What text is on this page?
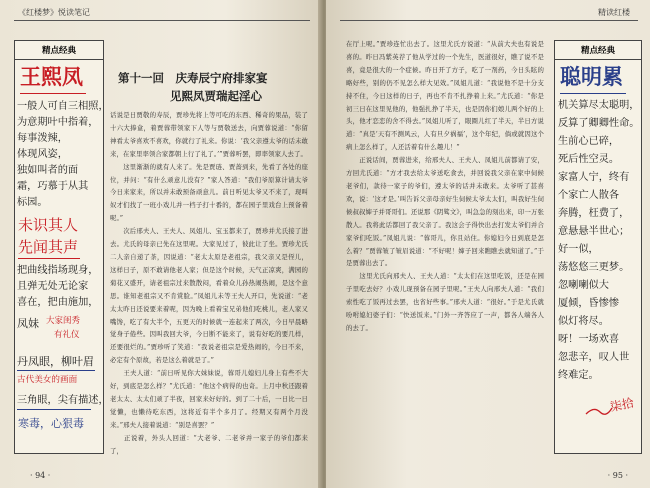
《红楼梦》悦读笔记
精点经典
王熙凤
一般人可自三相照，
为意期叶中指着，
每事泼辣，
体现风姿，
独如叫者的面
霜，巧慕于从其
标园。
未识其人
先闻其声
把曲线指场现身，
且弹无处无论家
喜在，把由施加，
凤妹 大家闺秀
有礼仪
丹凤眼，柳叶眉
古代美女的画面
三角眼，尖有描述，
寒毒，心狠毒
第十一回　庆寿辰宁府排家宴
见熙凤贾瑞起淫心
话说是日贾敬的寿辰，贾珍先将上等可吃的东西、稀奇的果品，装了十六大捧盒，着贾蓉带领家下人等与贾敬送去，向贾蓉说道：“你留神看太爷喜欢不喜欢，你就行了礼来。你说：‘我父亲遵太爷的话未敢来，在家里率领合家都朝上行了礼了。’”贾蓉听罢，即率领家人去了。
　　这里渐渐的就有人来了。先是贾琏、贾蔷到来，先看了各处的座位，并问：“有什么顽意儿没有？”家人答道：“我们爷原算计请太爷今日来家来，所以并未敢预备顽意儿。前日听见太爷又不来了，现叫奴才们找了一班小戏儿并一档子打十番的，都在园子里戏台上预备着呢。”
　　次后邢夫人、王夫人、凤姐儿、宝玉都来了，贾珍并尤氏接了进去。尤氏的母亲已先在这里呢。大家见过了，彼此让了坐。贾珍尤氏二人亲自递了茶，因说道：“老太太原是老祖宗，我父亲又是侄儿，这样日子，原不敢请他老人家；但是这个时候，天气正凉爽，满园的菊花又盛开，请老祖宗过来散散闷，看着众儿孙热闹热闹，是这个意思。谁知老祖宗又不肯赏脸。”凤姐儿未等王夫人开口，先说道：“老太太昨日还说要来着呢，因为晚上看着宝兄弟他们吃桃儿，老人家又嘴馋，吃了有大半个，五更天的时候就一连起来了两次，今日早晨略觉身子倦些。因叫我回大爷，今日断不能来了，说有好吃的要几样，还要很烂的。”贾珍听了笑道：“我说老祖宗是爱热闹的，今日不来，必定有个原故，若是这么着就是了。”
　　王夫人道：“前日听见你大妹妹说，蓉哥儿媳妇儿身上有些不大好，到底是怎么样？”尤氏道：“他这个病得的也奇。上月中秋还跟着老太太、太太们顽了半夜，回家来好好的。到了二十后，一日比一日觉懒，也懒待吃东西，这将近有半个多月了。经期又有两个月没来。”邢夫人接着说道：“别是喜罢？”
　　正说着，外头人回道：“大老爷、二老爷并一家子的爷们都来了，
· 94 ·
精读红楼
在厅上呢。”贾珍连忙出去了。这里尤氏方说道：“从前大夫也有说是喜的。昨日冯紫英荐了他从学过的一个先生，医道很好，瞧了说不是喜，竟是很大的一个症候。昨日开了方子，吃了一剂药，今日头眩的略好些，别的仍不见怎么样大见效。”凤姐儿道：“我说他不是十分支持不住，今日这样的日子，再也不肯不扎挣着上来。”尤氏道：“你是初三日在这里见他的，他强扎挣了半天，也是因你们娘儿两个好的上头，他才恋恋的舍不得去。”凤姐儿听了，眼圈儿红了半天，半日方说道：“真是‘天有不测风云，人有旦夕祸福’，这个年纪，倘或就因这个病上怎么样了，人还活着有什么趣儿！”
　　正说话间，贾蓉进来，给邢夫人、王夫人、凤姐儿前都请了安，方回尤氏道：“方才我去给太爷送吃食去，并回说我父亲在家中伺候老爷们，款待一家子的爷们，遵太爷的话并未敢来。太爷听了甚喜欢，说：‘这才是。’叫告诉父亲母亲好生伺候太爷太太们，叫我好生伺候叔叔婶子并哥哥们。还说那《阴骘文》，叫急急的刻出来，印一万张散人。我将此话都回了我父亲了。我这会子得快出去打发太爷们并合家爷们吃饭。”凤姐儿说：“蓉哥儿，你且站住。你媳妇今日到底是怎么着？”贾蓉皱了皱眉说道：“不好呢！婶子回来瞧瞧去就知道了。”于是贾蓉出去了。
　　这里尤氏向邢夫人、王夫人道：“太太们在这里吃饭，还是在园子里吃去好？小戏儿现预备在园子里呢。”王夫人向邢夫人道：“我们索性吃了饭再过去罢，也省好些事。”邢夫人道：“很好。”于是尤氏就吩咐媳妇婆子们：“快送饭来。”门外一齐答应了一声，都各人端各人的去了。
精点经典
聪明累
机关算尽太聪明，
反算了卿卿性命。
生前心已碎，
死后性空灵。
家富人宁，终有
个家亡人散各
奔腾，枉费了，
意悬悬半世心；
好一似，
荡悠悠三更梦。
忽喇喇似大
厦倾，昏惨惨
似灯将尽。
呀！一场欢喜
忽悲辛，叹人世
终难定。
柒拾
· 95 ·
